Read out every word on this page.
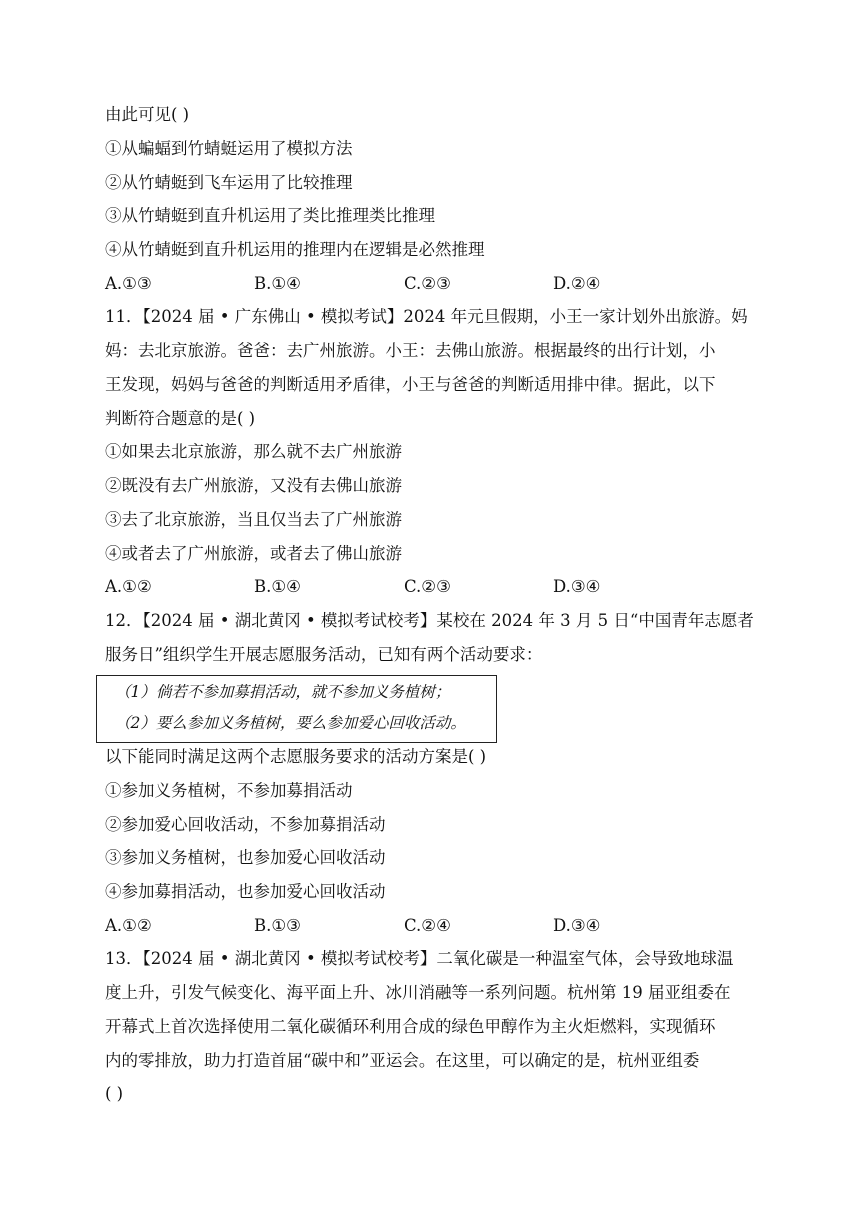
由此可见( )
①从蝙蝠到竹蜻蜓运用了模拟方法
②从竹蜻蜓到飞车运用了比较推理
③从竹蜻蜓到直升机运用了类比推理类比推理
④从竹蜻蜓到直升机运用的推理内在逻辑是必然推理
A.①③	B.①④	C.②③	D.②④
11．【2024 届 • 广东佛山 • 模拟考试】2024 年元旦假期，小王一家计划外出旅游。妈
妈：去北京旅游。爸爸：去广州旅游。小王：去佛山旅游。根据最终的出行计划，小
王发现，妈妈与爸爸的判断适用矛盾律，小王与爸爸的判断适用排中律。据此，以下
判断符合题意的是( )
①如果去北京旅游，那么就不去广州旅游
②既没有去广州旅游，又没有去佛山旅游
③去了北京旅游，当且仅当去了广州旅游
④或者去了广州旅游，或者去了佛山旅游
A.①②	B.①④	C.②③	D.③④
12．【2024 届 • 湖北黄冈 • 模拟考试校考】某校在 2024 年 3 月 5 日“中国青年志愿者
服务日”组织学生开展志愿服务活动，已知有两个活动要求：
（1）倘若不参加募捐活动，就不参加义务植树；
（2）要么参加义务植树，要么参加爱心回收活动。
以下能同时满足这两个志愿服务要求的活动方案是( )
①参加义务植树，不参加募捐活动
②参加爱心回收活动，不参加募捐活动
③参加义务植树，也参加爱心回收活动
④参加募捐活动，也参加爱心回收活动
A.①②	B.①③	C.②④	D.③④
13．【2024 届 • 湖北黄冈 • 模拟考试校考】二氧化碳是一种温室气体，会导致地球温
度上升，引发气候变化、海平面上升、冰川消融等一系列问题。杭州第 19 届亚组委在
开幕式上首次选择使用二氧化碳循环利用合成的绿色甲醇作为主火炬燃料，实现循环
内的零排放，助力打造首届“碳中和”亚运会。在这里，可以确定的是，杭州亚组委
( )
